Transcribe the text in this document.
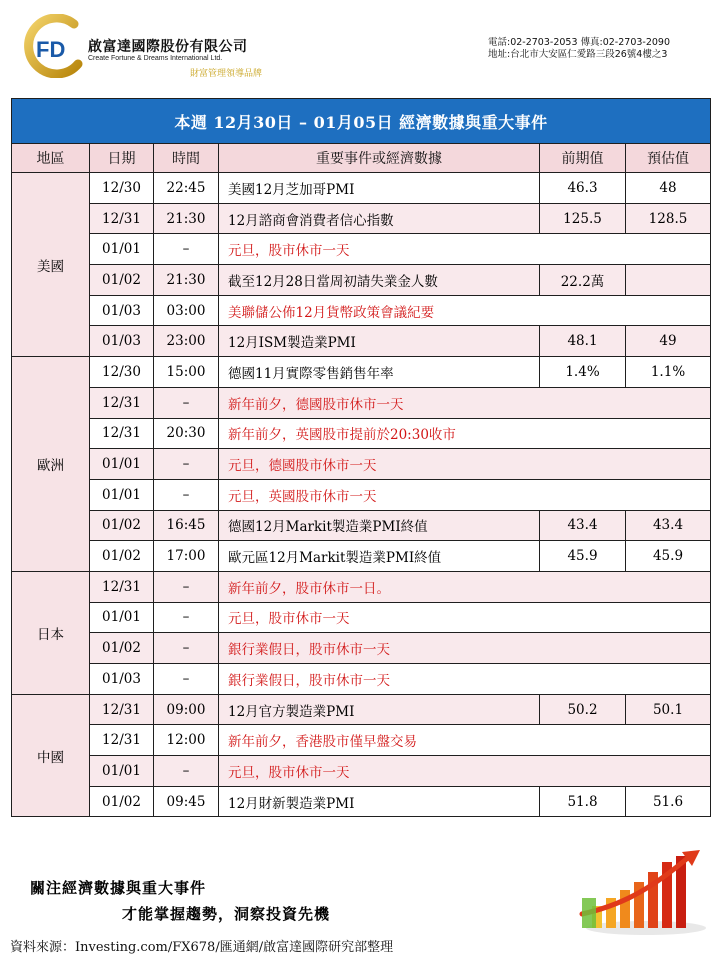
FD 啟富達國際股份有限公司
Create Fortune & Dreams International Ltd.
財富管理領導品牌
電話:02-2703-2053 傳真:02-2703-2090
地址:台北市大安區仁愛路三段26號4樓之3
本週 12月30日 – 01月05日 經濟數據與重大事件					
地區	日期	時間	重要事件或經濟數據	前期值	預估值
美國	12/30	22:45	美國12月芝加哥PMI	46.3	48
	12/31	21:30	12月諮商會消費者信心指數	125.5	128.5
	01/01	–	元旦，股市休市一天		
	01/02	21:30	截至12月28日當周初請失業金人數	22.2萬	
	01/03	03:00	美聯儲公佈12月貨幣政策會議紀要		
	01/03	23:00	12月ISM製造業PMI	48.1	49
歐洲	12/30	15:00	德國11月實際零售銷售年率	1.4%	1.1%
	12/31	–	新年前夕，德國股市休市一天		
	12/31	20:30	新年前夕，英國股市提前於20:30收市		
	01/01	–	元旦，德國股市休市一天		
	01/01	–	元旦，英國股市休市一天		
	01/02	16:45	德國12月Markit製造業PMI終值	43.4	43.4
	01/02	17:00	歐元區12月Markit製造業PMI終值	45.9	45.9
日本	12/31	–	新年前夕，股市休市一日。		
	01/01	–	元旦，股市休市一天		
	01/02	–	銀行業假日，股市休市一天		
	01/03	–	銀行業假日，股市休市一天		
中國	12/31	09:00	12月官方製造業PMI	50.2	50.1
	12/31	12:00	新年前夕，香港股市僅早盤交易		
	01/01	–	元旦，股市休市一天		
	01/02	09:45	12月財新製造業PMI	51.8	51.6
關注經濟數據與重大事件
才能掌握趨勢，洞察投資先機
資料來源：Investing.com/FX678/匯通網/啟富達國際研究部整理
